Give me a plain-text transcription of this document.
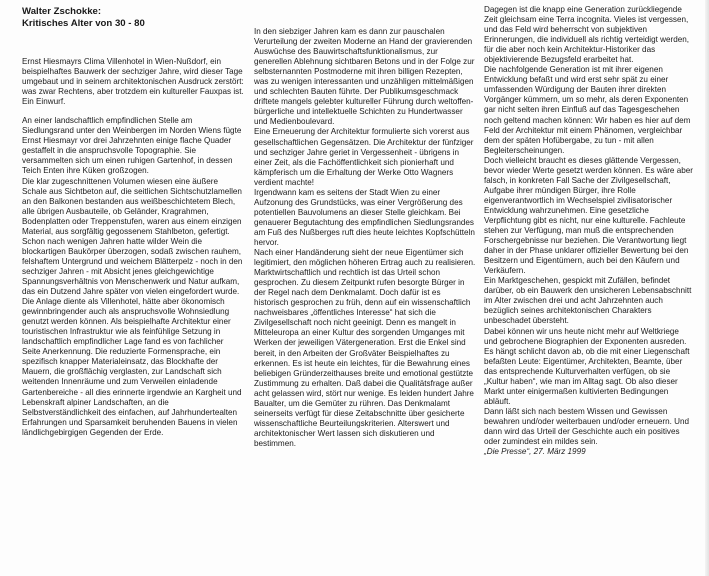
Walter Zschokke:
Kritisches Alter von 30 - 80

Ernst Hiesmayrs Clima Villenhotel in Wien-Nußdorf, ein beispielhaftes Bauwerk der sechziger Jahre, wird dieser Tage umgebaut und in seinem architektonischen Ausdruck zerstört: was zwar Rechtens, aber trotzdem ein kultureller Fauxpas ist. Ein Einwurf.

An einer landschaftlich empfindlichen Stelle am Siedlungsrand unter den Weinbergen im Norden Wiens fügte Ernst Hiesmayr vor drei Jahrzehnten einige flache Quader gestaffelt in die anspruchsvolle Topographie. Sie versammelten sich um einen ruhigen Gartenhof, in dessen Teich Enten ihre Küken großzogen.

Die klar zugeschnittenen Volumen wiesen eine äußere Schale aus Sichtbeton auf, die seitlichen Sichtschutzlamellen an den Balkonen bestanden aus weißbeschichtetem Blech, alle übrigen Ausbauteile, ob Geländer, Kragrahmen, Bodenplatten oder Treppenstufen, waren aus einem einzigen Material, aus sorgfältig gegossenem Stahlbeton, gefertigt.

Schon nach wenigen Jahren hatte wilder Wein die blockartigen Baukörper überzogen, sodaß zwischen rauhem, felshaftem Untergrund und weichem Blätterpelz - noch in den sechziger Jahren - mit Absicht jenes gleichgewichtige Spannungsverhältnis von Menschenwerk und Natur aufkam, das ein Dutzend Jahre später von vielen eingefordert wurde.

Die Anlage diente als Villenhotel, hätte aber ökonomisch gewinnbringender auch als anspruchsvolle Wohnsiedlung genutzt werden können. Als beispielhafte Architektur einer touristischen Infrastruktur wie als feinfühlige Setzung in landschaftlich empfindlicher Lage fand es von fachlicher Seite Anerkennung. Die reduzierte Formensprache, ein speziﬁsch knapper Materialeinsatz, das Blockhafte der Mauern, die großflächig verglasten, zur Landschaft sich weitenden Innenräume und zum Verweilen einladende Gartenbereiche - all dies erinnerte irgendwie an Kargheit und Lebenskraft alpiner Landschaften, an die Selbstverständlichkeit des einfachen, auf Jahrhundertealten Erfahrungen und Sparsamkeit beruhenden Bauens in vielen ländlichgebirgigen Gegenden der Erde.

In den siebziger Jahren kam es dann zur pauschalen Verurteilung der zweiten Moderne an Hand der gravierenden Auswüchse des Bauwirtschaftsfunktionalismus, zur generellen Ablehnung sichtbaren Betons und in der Folge zur selbsternannten Postmoderne mit ihren billigen Rezepten, was zu wenigen interessanten und unzähligen mittelmäßigen und schlechten Bauten führte. Der Publikumsgeschmack driftete mangels gelebter kultureller Führung durch weltoffen-bürgerliche und intellektuelle Schichten zu Hundertwasser und Medienboulevard.

Eine Erneuerung der Architektur formulierte sich vorerst aus gesellschaftlichen Gegensätzen. Die Architektur der fünfziger und sechziger Jahre geriet in Vergessenheit - übrigens in einer Zeit, als die Fachöffentlichkeit sich pionierhaft und kämpferisch um die Erhaltung der Werke Otto Wagners verdient machte!

Irgendwann kam es seitens der Stadt Wien zu einer Aufzonung des Grundstücks, was einer Vergrößerung des potentiellen Bauvolumens an dieser Stelle gleichkam. Bei genauerer Begutachtung des empfindlichen Siedlungsrandes am Fuß des Nußberges ruft dies heute leichtes Kopfschütteln hervor.

Nach einer Handänderung sieht der neue Eigentümer sich legitimiert, den möglichen höheren Ertrag auch zu realisieren. Marktwirtschaftlich und rechtlich ist das Urteil schon gesprochen. Zu diesem Zeitpunkt rufen besorgte Bürger in der Regel nach dem Denkmalamt. Doch dafür ist es historisch gesprochen zu früh, denn auf ein wissenschaftlich nachweisbares „öffentliches Interesse“ hat sich die Zivilgesellschaft noch nicht geeinigt. Denn es mangelt in Mitteleuropa an einer Kultur des sorgenden Umganges mit Werken der jeweiligen Vätergeneration. Erst die Enkel sind bereit, in den Arbeiten der Großväter Beispielhaftes zu erkennen. Es ist heute ein leichtes, für die Bewahrung eines beliebigen Gründerzeithauses breite und emotional gestützte Zustimmung zu erhalten. Daß dabei die Qualitätsfrage außer acht gelassen wird, stört nur wenige. Es leiden hundert Jahre Baualter, um die Gemüter zu rühren. Das Denkmalamt seinerseits verfügt für diese Zeitabschnitte über gesicherte wissenschaftliche Beurteilungskriterien. Alterswert und architektonischer Wert lassen sich diskutieren und bestimmen.

Dagegen ist die knapp eine Generation zurückliegende Zeit gleichsam eine Terra incognita. Vieles ist vergessen, und das Feld wird beherrscht von subjektiven Erinnerungen, die individuell als richtig verteidigt werden, für die aber noch kein Architektur-Historiker das objektivierende Bezugsfeld erarbeitet hat.

Die nachfolgende Generation ist mit ihrer eigenen Entwicklung befaßt und wird erst sehr spät zu einer umfassenden Würdigung der Bauten ihrer direkten Vorgänger kümmern, um so mehr, als deren Exponenten gar nicht selten ihren Einfluß auf das Tagesgeschehen noch geltend machen können: Wir haben es hier auf dem Feld der Architektur mit einem Phänomen, vergleichbar dem der späten Hofübergabe, zu tun - mit allen Begleiterscheinungen.

Doch vielleicht braucht es dieses glättende Vergessen, bevor wieder Werte gesetzt werden können. Es wäre aber falsch, in konkreten Fall Sache der Zivilgesellschaft, Aufgabe ihrer mündigen Bürger, ihre Rolle eigenverantwortlich im Wechselspiel zivilisatorischer Entwicklung wahrzunehmen. Eine gesetzliche Verpflichtung gibt es nicht, nur eine kulturelle. Fachleute stehen zur Verfügung, man muß die entsprechenden Forschergebnisse nur beziehen. Die Verantwortung liegt daher in der Phase unklarer offizieller Bewertung bei den Besitzern und Eigentümern, auch bei den Käufern und Verkäufern.

Ein Marktgeschehen, gespickt mit Zufällen, befindet darüber, ob ein Bauwerk den unsicheren Lebensabschnitt im Alter zwischen drei und acht Jahrzehnten auch bezüglich seines architektonischen Charakters unbeschadet übersteht.

Dabei können wir uns heute nicht mehr auf Weltkriege und gebrochene Biographien der Exponenten ausreden. Es hängt schlicht davon ab, ob die mit einer Liegenschaft befaßten Leute: Eigentümer, Architekten, Beamte, über das entsprechende Kulturverhalten verfügen, ob sie „Kultur haben“, wie man im Alltag sagt. Ob also dieser Markt unter einigermaßen kultivierten Bedingungen abläuft.

Dann läßt sich nach bestem Wissen und Gewissen bewahren und/oder weiterbauen und/oder erneuern. Und dann wird das Urteil der Geschichte auch ein positives oder zumindest ein mildes sein.

„Die Presse“, 27. März 1999
